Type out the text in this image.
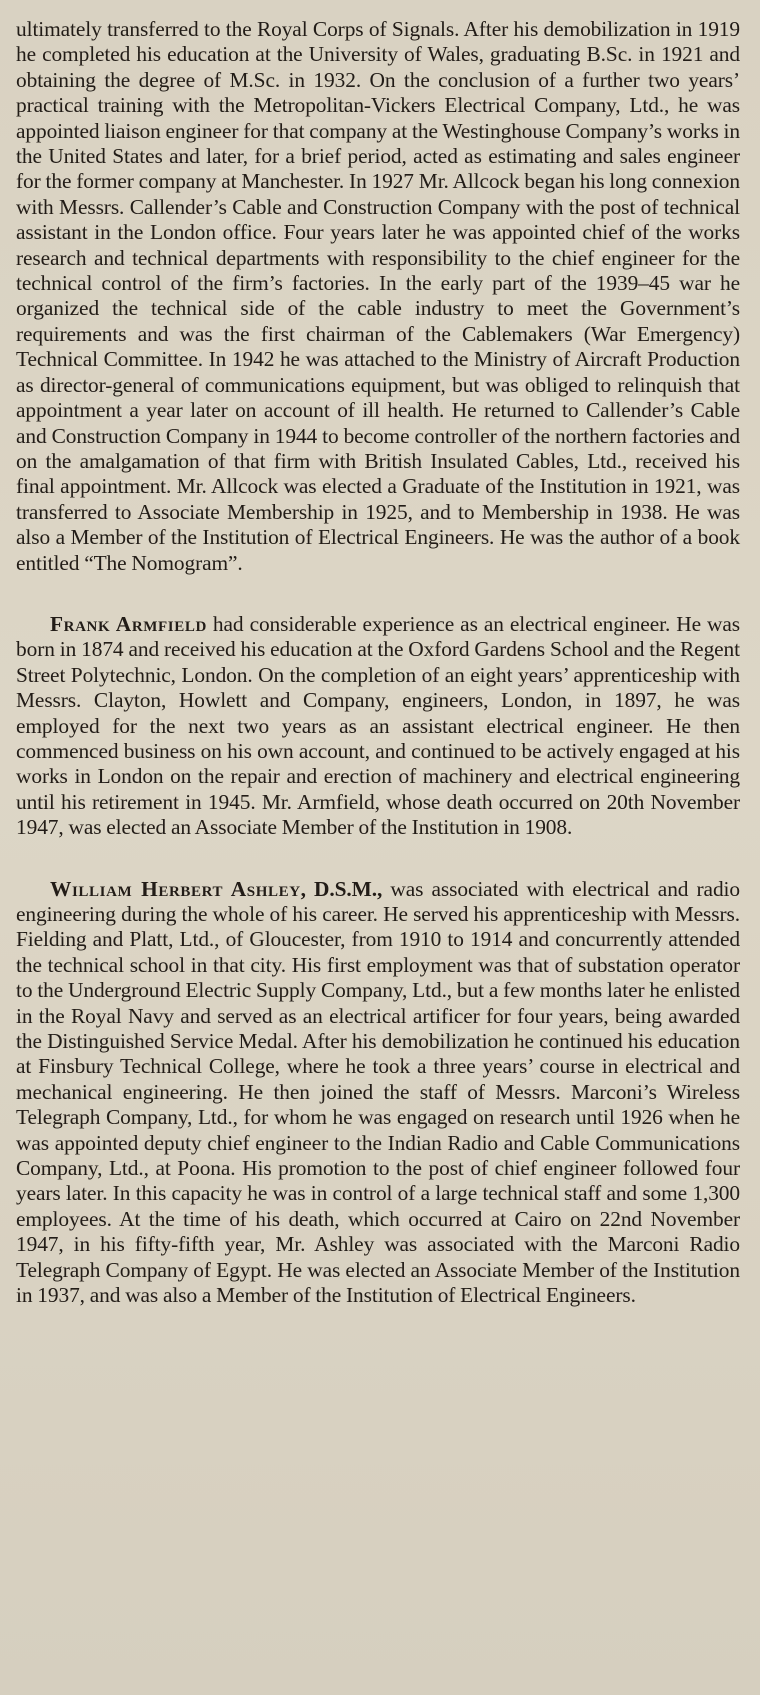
ultimately transferred to the Royal Corps of Signals. After his demobilization in 1919 he completed his education at the University of Wales, graduating B.Sc. in 1921 and obtaining the degree of M.Sc. in 1932. On the conclusion of a further two years’ practical training with the Metropolitan-Vickers Electrical Company, Ltd., he was appointed liaison engineer for that company at the Westinghouse Company’s works in the United States and later, for a brief period, acted as estimating and sales engineer for the former company at Manchester. In 1927 Mr. Allcock began his long connexion with Messrs. Callender’s Cable and Construction Company with the post of technical assistant in the London office. Four years later he was appointed chief of the works research and technical departments with responsibility to the chief engineer for the technical control of the firm’s factories. In the early part of the 1939–45 war he organized the technical side of the cable industry to meet the Government’s requirements and was the first chairman of the Cablemakers (War Emergency) Technical Committee. In 1942 he was attached to the Ministry of Aircraft Production as director-general of communications equipment, but was obliged to relinquish that appointment a year later on account of ill health. He returned to Callender’s Cable and Construction Company in 1944 to become controller of the northern factories and on the amalgamation of that firm with British Insulated Cables, Ltd., received his final appointment. Mr. Allcock was elected a Graduate of the Institution in 1921, was transferred to Associate Membership in 1925, and to Membership in 1938. He was also a Member of the Institution of Electrical Engineers. He was the author of a book entitled “The Nomogram”.

Frank Armfield had considerable experience as an electrical engineer. He was born in 1874 and received his education at the Oxford Gardens School and the Regent Street Polytechnic, London. On the completion of an eight years’ apprenticeship with Messrs. Clayton, Howlett and Company, engineers, London, in 1897, he was employed for the next two years as an assistant electrical engineer. He then commenced business on his own account, and continued to be actively engaged at his works in London on the repair and erection of machinery and electrical engineering until his retirement in 1945. Mr. Armfield, whose death occurred on 20th November 1947, was elected an Associate Member of the Institution in 1908.

William Herbert Ashley, D.S.M., was associated with electrical and radio engineering during the whole of his career. He served his apprenticeship with Messrs. Fielding and Platt, Ltd., of Gloucester, from 1910 to 1914 and concurrently attended the technical school in that city. His first employment was that of substation operator to the Underground Electric Supply Company, Ltd., but a few months later he enlisted in the Royal Navy and served as an electrical artificer for four years, being awarded the Distinguished Service Medal. After his demobilization he continued his education at Finsbury Technical College, where he took a three years’ course in electrical and mechanical engineering. He then joined the staff of Messrs. Marconi’s Wireless Telegraph Company, Ltd., for whom he was engaged on research until 1926 when he was appointed deputy chief engineer to the Indian Radio and Cable Communications Company, Ltd., at Poona. His promotion to the post of chief engineer followed four years later. In this capacity he was in control of a large technical staff and some 1,300 employees. At the time of his death, which occurred at Cairo on 22nd November 1947, in his fifty-fifth year, Mr. Ashley was associated with the Marconi Radio Telegraph Company of Egypt. He was elected an Associate Member of the Institution in 1937, and was also a Member of the Institution of Electrical Engineers.
